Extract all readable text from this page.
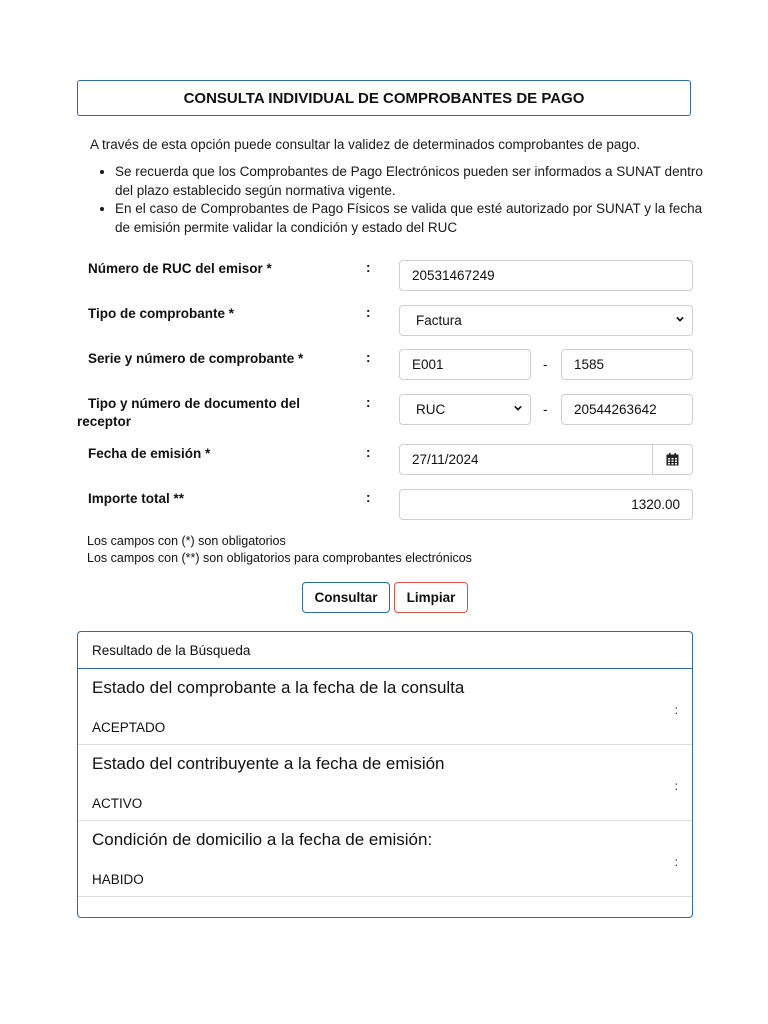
CONSULTA INDIVIDUAL DE COMPROBANTES DE PAGO
A través de esta opción puede consultar la validez de determinados comprobantes de pago.
• Se recuerda que los Comprobantes de Pago Electrónicos pueden ser informados a SUNAT dentro del plazo establecido según normativa vigente.
• En el caso de Comprobantes de Pago Físicos se valida que esté autorizado por SUNAT y la fecha de emisión permite validar la condición y estado del RUC
Número de RUC del emisor *	:
20531467249
Tipo de comprobante *	:
Factura
Serie y número de comprobante *	:	E001	-	1585
Tipo y número de documento del
receptor
:	RUC	-	20544263642
Fecha de emisión *	:	27/11/2024
Importe total **	:	1320.00
Los campos con (*) son obligatorios
Los campos con (**) son obligatorios para comprobantes electrónicos
Consultar	Limpiar
Resultado de la Búsqueda
Estado del comprobante a la fecha de la consulta
:
ACEPTADO
Estado del contribuyente a la fecha de emisión
:
ACTIVO
Condición de domicilio a la fecha de emisión:
:
HABIDO
